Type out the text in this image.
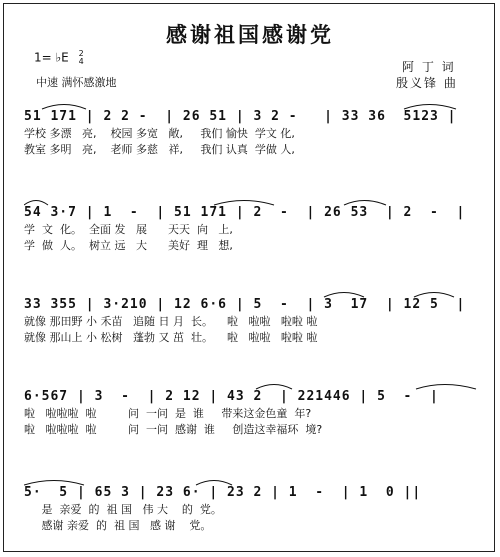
感谢祖国感谢党
1= ♭E 2
4
中速 满怀感激地
阿 丁 词
殷义锋 曲
51 171 | 2 2 -  | 26 51 | 3 2 -   | 33 36  5123 |
学校 多漂   亮,    校园 多宽   敞,     我们 愉快  学文 化,
教室 多明   亮,    老师 多慈   祥,     我们 认真  学做 人,
54 3·7 | 1  -  | 51 171 | 2  -  | 26 53  | 2  -  |
学  文  化。  全面 发   展      天天  向   上,
学  做  人。  树立 远   大      美好  理   想,
33 355 | 3·210 | 12 6·6 | 5  -  | 3  17  | 12 5  |
就像 那田野 小 禾苗   追随 日 月  长。    啦   啦啦   啦啦 啦
就像 那山上 小 松树   蓬勃 又 茁  壮。    啦   啦啦   啦啦 啦
6·567 | 3  -  | 2 12 | 43 2  | 221446 | 5  -  |
啦   啦啦啦  啦         问  一问  是  谁     带来这金色童  年?
啦   啦啦啦  啦         问  一问  感谢  谁     创造这幸福环  境?
5·  5 | 65 3 | 23 6· | 23 2 | 1  -  | 1  0 ||
是  亲爱  的  祖 国   伟 大    的  党。
感谢 亲爱  的  祖 国   感 谢    党。
